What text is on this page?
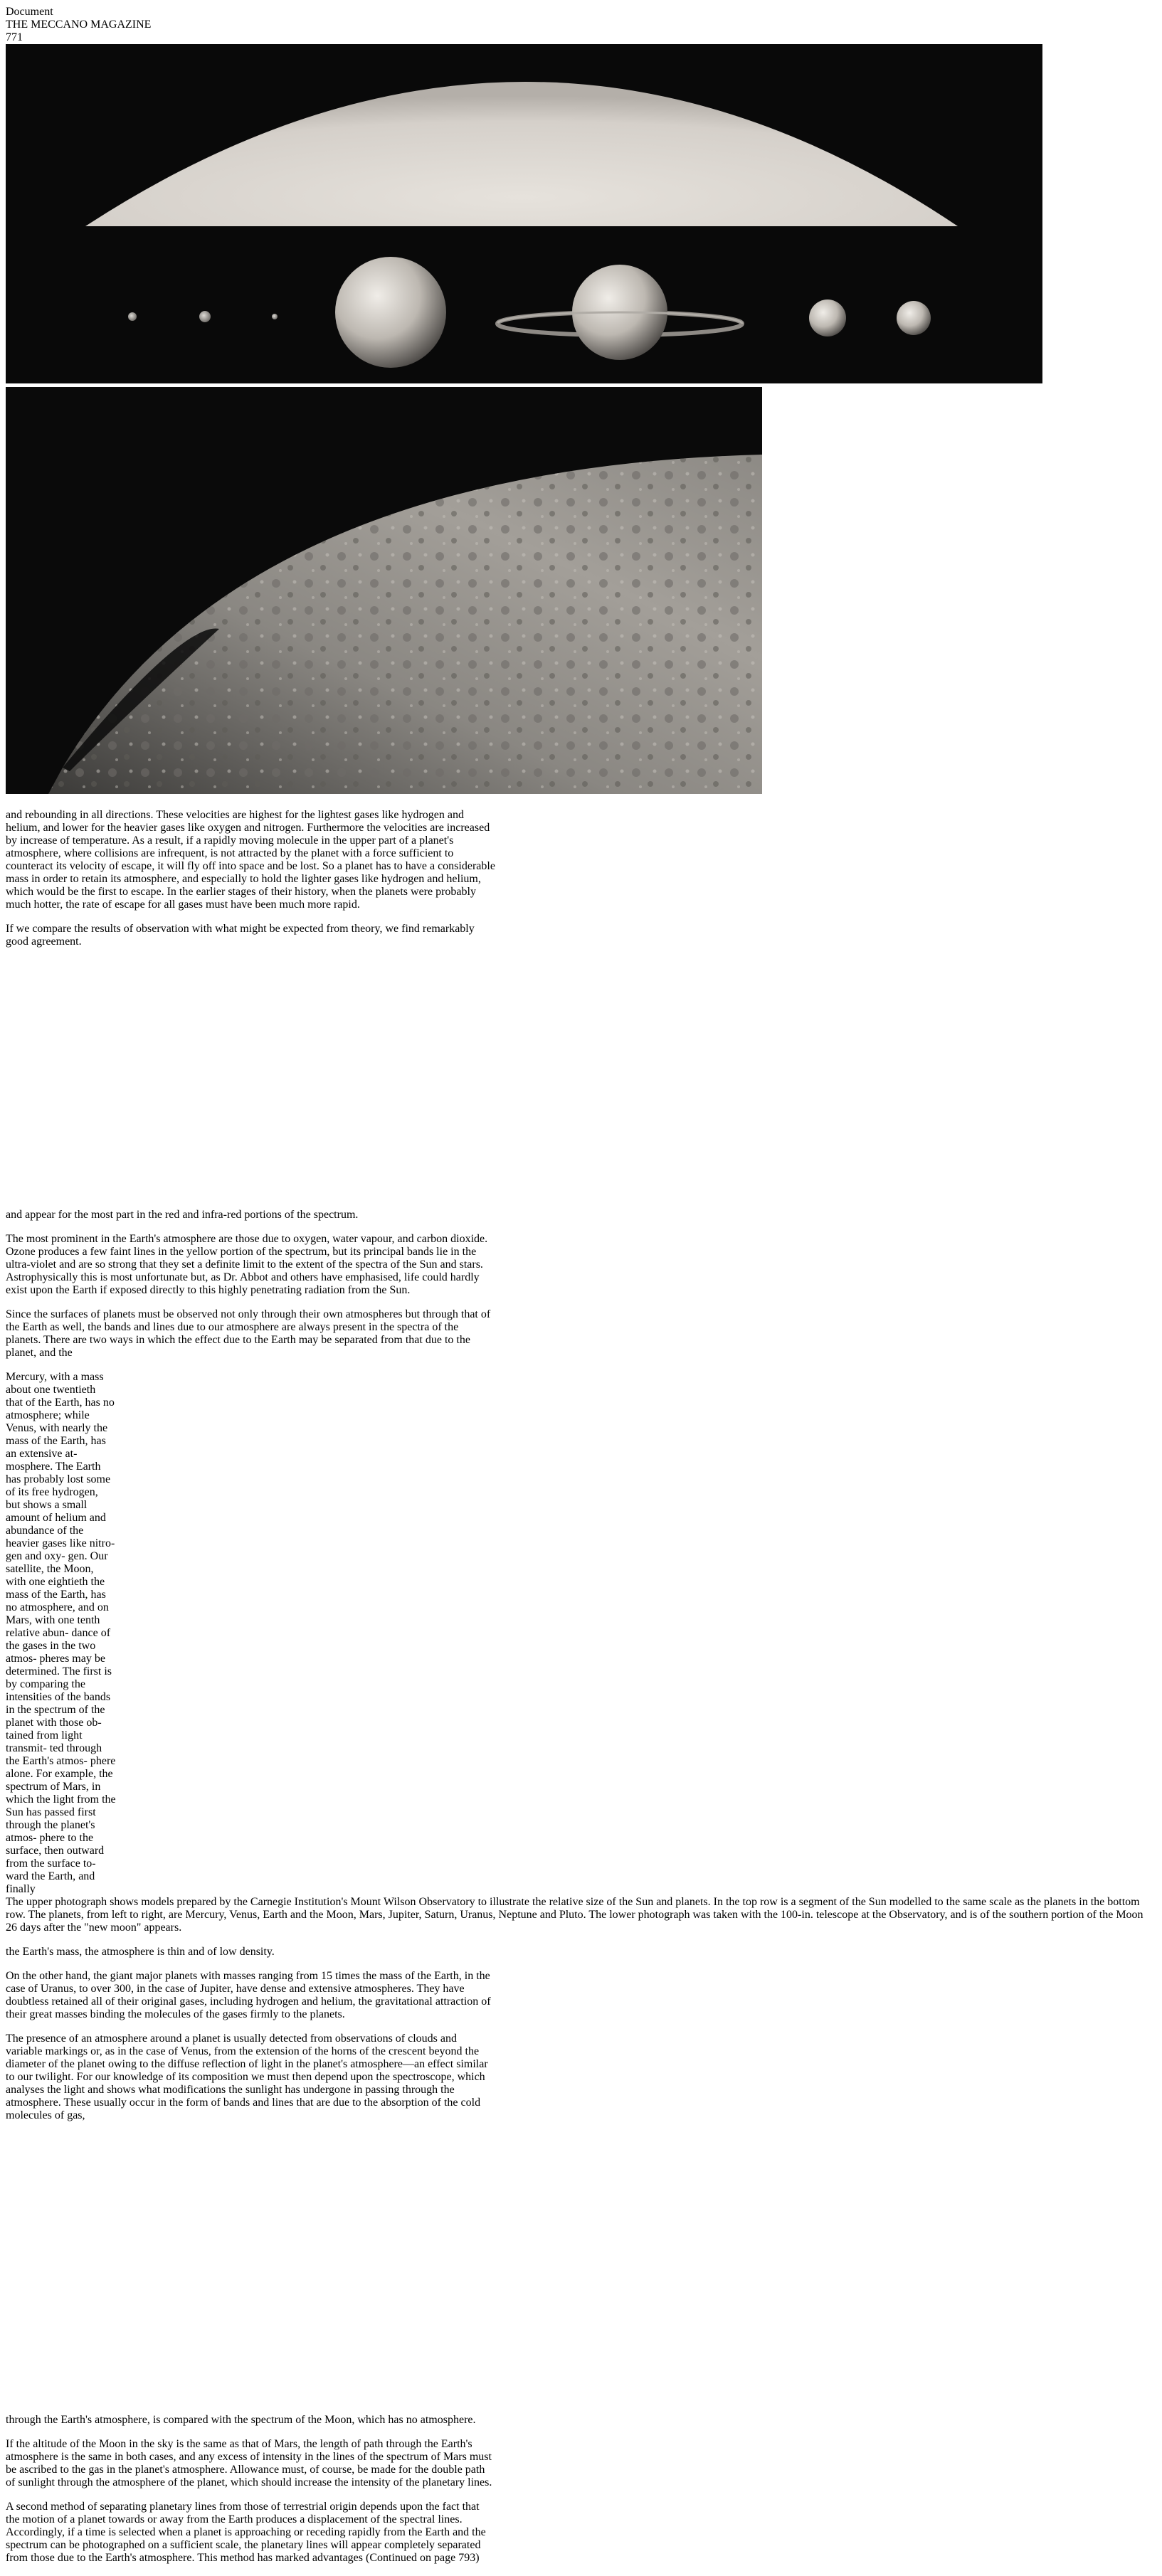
Document
THE MECCANO MAGAZINE
771

and rebounding in all directions. These velocities are highest for the lightest gases like hydrogen and helium, and lower for the heavier gases like oxygen and nitrogen. Furthermore the velocities are increased by increase of temperature. As a result, if a rapidly moving molecule in the upper part of a planet's atmosphere, where collisions are infrequent, is not attracted by the planet with a force sufficient to counteract its velocity of escape, it will fly off into space and be lost. So a planet has to have a considerable mass in order to retain its atmosphere, and especially to hold the lighter gases like hydrogen and helium, which would be the first to escape. In the earlier stages of their history, when the planets were probably much hotter, the rate of escape for all gases must have been much more rapid.

If we compare the results of observation with what might be expected from theory, we find remarkably good agreement.

and appear for the most part in the red and infra-red portions of the spectrum.

The most prominent in the Earth's atmosphere are those due to oxygen, water vapour, and carbon dioxide. Ozone produces a few faint lines in the yellow portion of the spectrum, but its principal bands lie in the ultra-violet and are so strong that they set a definite limit to the extent of the spectra of the Sun and stars. Astrophysically this is most unfortunate but, as Dr. Abbot and others have emphasised, life could hardly exist upon the Earth if exposed directly to this highly penetrating radiation from the Sun.

Since the surfaces of planets must be observed not only through their own atmospheres but through that of the Earth as well, the bands and lines due to our atmosphere are always present in the spectra of the planets. There are two ways in which the effect due to the Earth may be separated from that due to the planet, and the

Mercury, with a mass about one twentieth that of the Earth, has no atmosphere; while Venus, with nearly the mass of the Earth, has an extensive at- mosphere. The Earth has probably lost some of its free hydrogen, but shows a small amount of helium and abundance of the heavier gases like nitro- gen and oxy- gen. Our satellite, the Moon, with one eightieth the mass of the Earth, has no atmosphere, and on Mars, with one tenth
relative abun- dance of the gases in the two atmos- pheres may be determined. The first is by comparing the intensities of the bands in the spectrum of the planet with those ob- tained from light transmit- ted through the Earth's atmos- phere alone. For example, the spectrum of Mars, in which the light from the Sun has passed first through the planet's atmos- phere to the surface, then outward from the surface to- ward the Earth, and finally
The upper photograph shows models prepared by the Carnegie Institution's Mount Wilson Observatory to illustrate the relative size of the Sun and planets. In the top row is a segment of the Sun modelled to the same scale as the planets in the bottom row. The planets, from left to right, are Mercury, Venus, Earth and the Moon, Mars, Jupiter, Saturn, Uranus, Neptune and Pluto. The lower photograph was taken with the 100-in. telescope at the Observatory, and is of the southern portion of the Moon 26 days after the "new moon" appears.

the Earth's mass, the atmosphere is thin and of low density.

On the other hand, the giant major planets with masses ranging from 15 times the mass of the Earth, in the case of Uranus, to over 300, in the case of Jupiter, have dense and extensive atmospheres. They have doubtless retained all of their original gases, including hydrogen and helium, the gravitational attraction of their great masses binding the molecules of the gases firmly to the planets.

The presence of an atmosphere around a planet is usually detected from observations of clouds and variable markings or, as in the case of Venus, from the extension of the horns of the crescent beyond the diameter of the planet owing to the diffuse reflection of light in the planet's atmosphere—an effect similar to our twilight. For our knowledge of its composition we must then depend upon the spectroscope, which analyses the light and shows what modifications the sunlight has undergone in passing through the atmosphere. These usually occur in the form of bands and lines that are due to the absorption of the cold molecules of gas,

through the Earth's atmosphere, is compared with the spectrum of the Moon, which has no atmosphere.

If the altitude of the Moon in the sky is the same as that of Mars, the length of path through the Earth's atmosphere is the same in both cases, and any excess of intensity in the lines of the spectrum of Mars must be ascribed to the gas in the planet's atmosphere. Allowance must, of course, be made for the double path of sunlight through the atmosphere of the planet, which should increase the intensity of the planetary lines.

A second method of separating planetary lines from those of terrestrial origin depends upon the fact that the motion of a planet towards or away from the Earth produces a displacement of the spectral lines. Accordingly, if a time is selected when a planet is approaching or receding rapidly from the Earth and the spectrum can be photographed on a sufficient scale, the planetary lines will appear completely separated from those due to the Earth's atmosphere. This method has marked advantages (Continued on page 793)
